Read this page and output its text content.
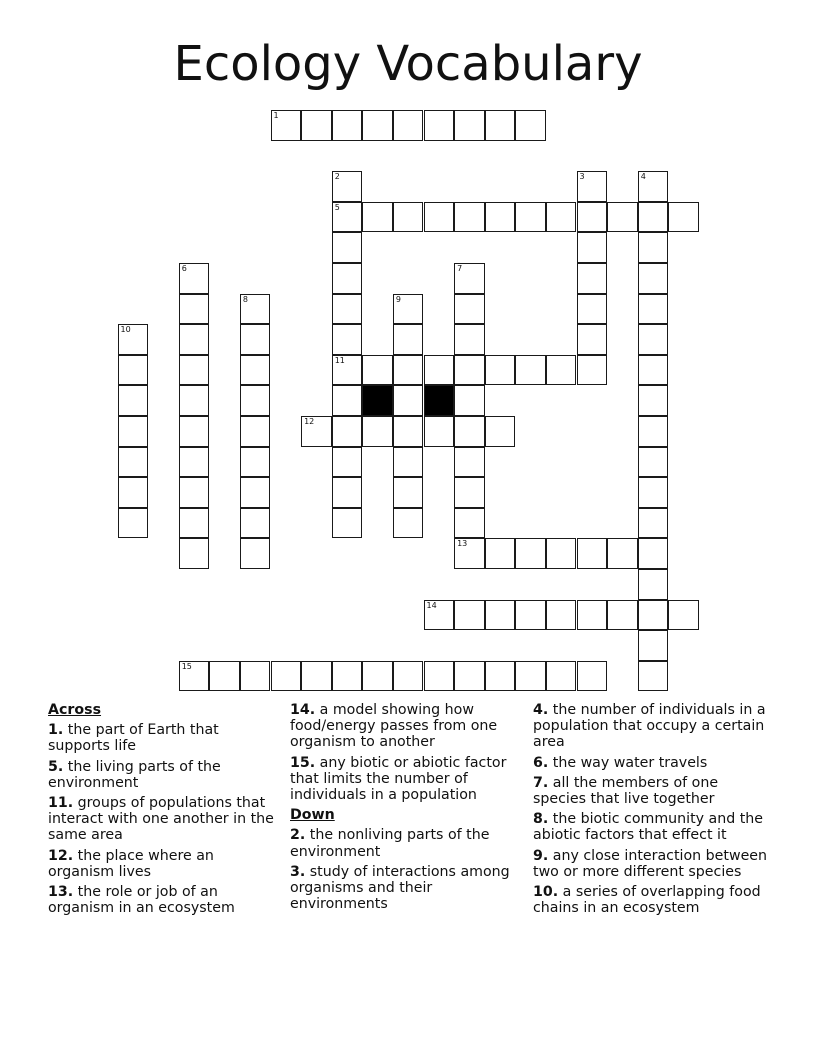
Ecology Vocabulary
1
5
11
12
13
14
15
2	3	4
6	7
8	9
10
Across
1. the part of Earth that supports life
5. the living parts of the environment
11. groups of populations that interact with one another in the same area
12. the place where an organism lives
13. the role or job of an organism in an ecosystem
14. a model showing how food/energy passes from one organism to another
15. any biotic or abiotic factor that limits the number of individuals in a population
Down
2. the nonliving parts of the environment
3. study of interactions among organisms and their environments
4. the number of individuals in a population that occupy a certain area
6. the way water travels
7. all the members of one species that live together
8. the biotic community and the abiotic factors that effect it
9. any close interaction between two or more different species
10. a series of overlapping food chains in an ecosystem
